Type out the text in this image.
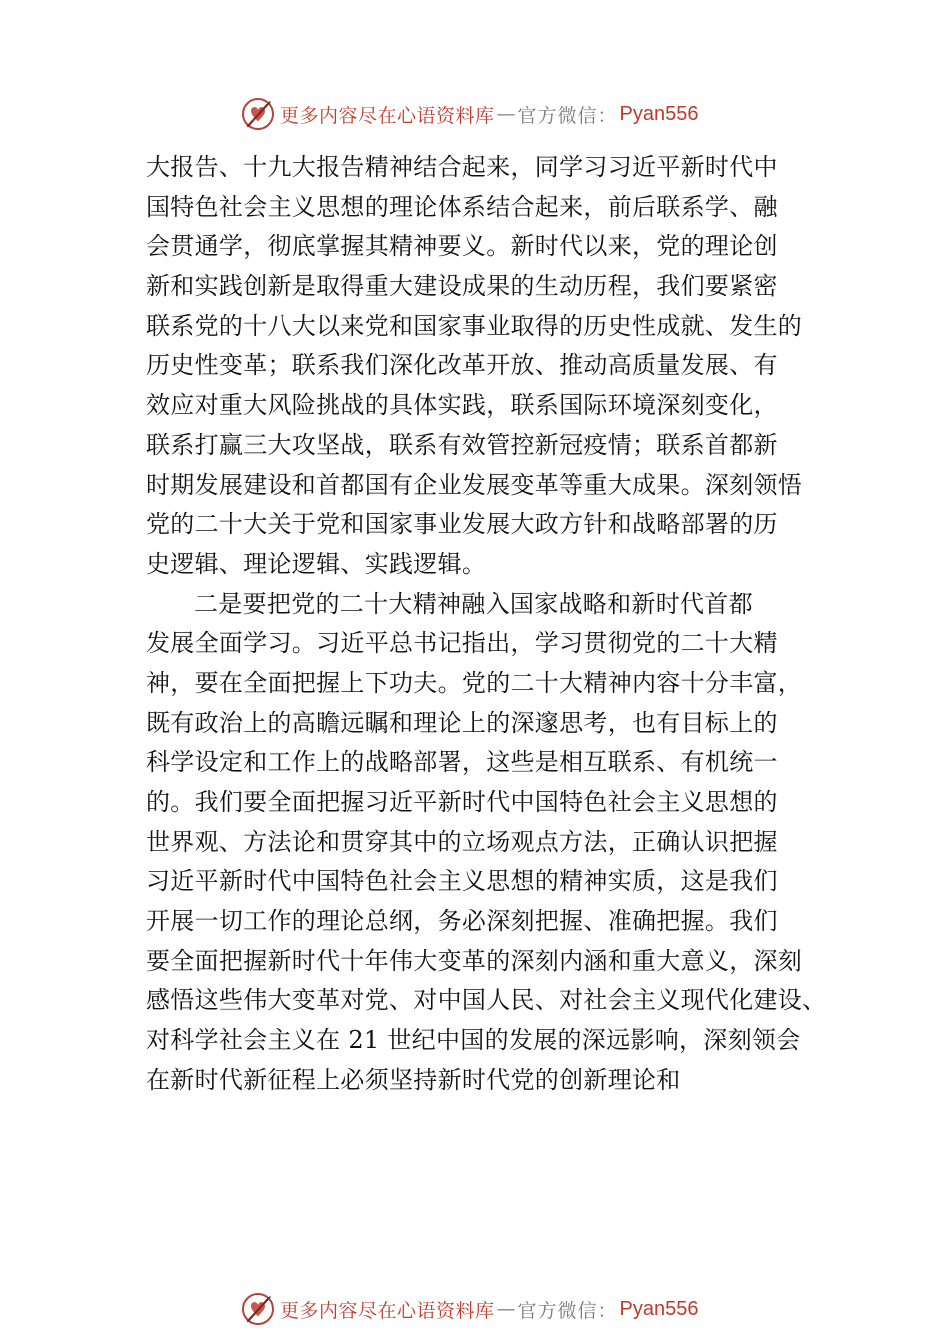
更多内容尽在心语资料库 — 官方微信： Pyan556
大报告、十九大报告精神结合起来，同学习习近平新时代中
国特色社会主义思想的理论体系结合起来，前后联系学、融
会贯通学，彻底掌握其精神要义。新时代以来，党的理论创
新和实践创新是取得重大建设成果的生动历程，我们要紧密
联系党的十八大以来党和国家事业取得的历史性成就、发生的
历史性变革；联系我们深化改革开放、推动高质量发展、有
效应对重大风险挑战的具体实践，联系国际环境深刻变化，
联系打赢三大攻坚战，联系有效管控新冠疫情；联系首都新
时期发展建设和首都国有企业发展变革等重大成果。深刻领悟
党的二十大关于党和国家事业发展大政方针和战略部署的历
史逻辑、理论逻辑、实践逻辑。
二是要把党的二十大精神融入国家战略和新时代首都
发展全面学习。习近平总书记指出，学习贯彻党的二十大精
神，要在全面把握上下功夫。党的二十大精神内容十分丰富，
既有政治上的高瞻远瞩和理论上的深邃思考，也有目标上的
科学设定和工作上的战略部署，这些是相互联系、有机统一
的。我们要全面把握习近平新时代中国特色社会主义思想的
世界观、方法论和贯穿其中的立场观点方法，正确认识把握
习近平新时代中国特色社会主义思想的精神实质，这是我们
开展一切工作的理论总纲，务必深刻把握、准确把握。我们
要全面把握新时代十年伟大变革的深刻内涵和重大意义，深刻
感悟这些伟大变革对党、对中国人民、对社会主义现代化建设、
对科学社会主义在 21 世纪中国的发展的深远影响，深刻领会
在新时代新征程上必须坚持新时代党的创新理论和
更多内容尽在心语资料库 — 官方微信： Pyan556
